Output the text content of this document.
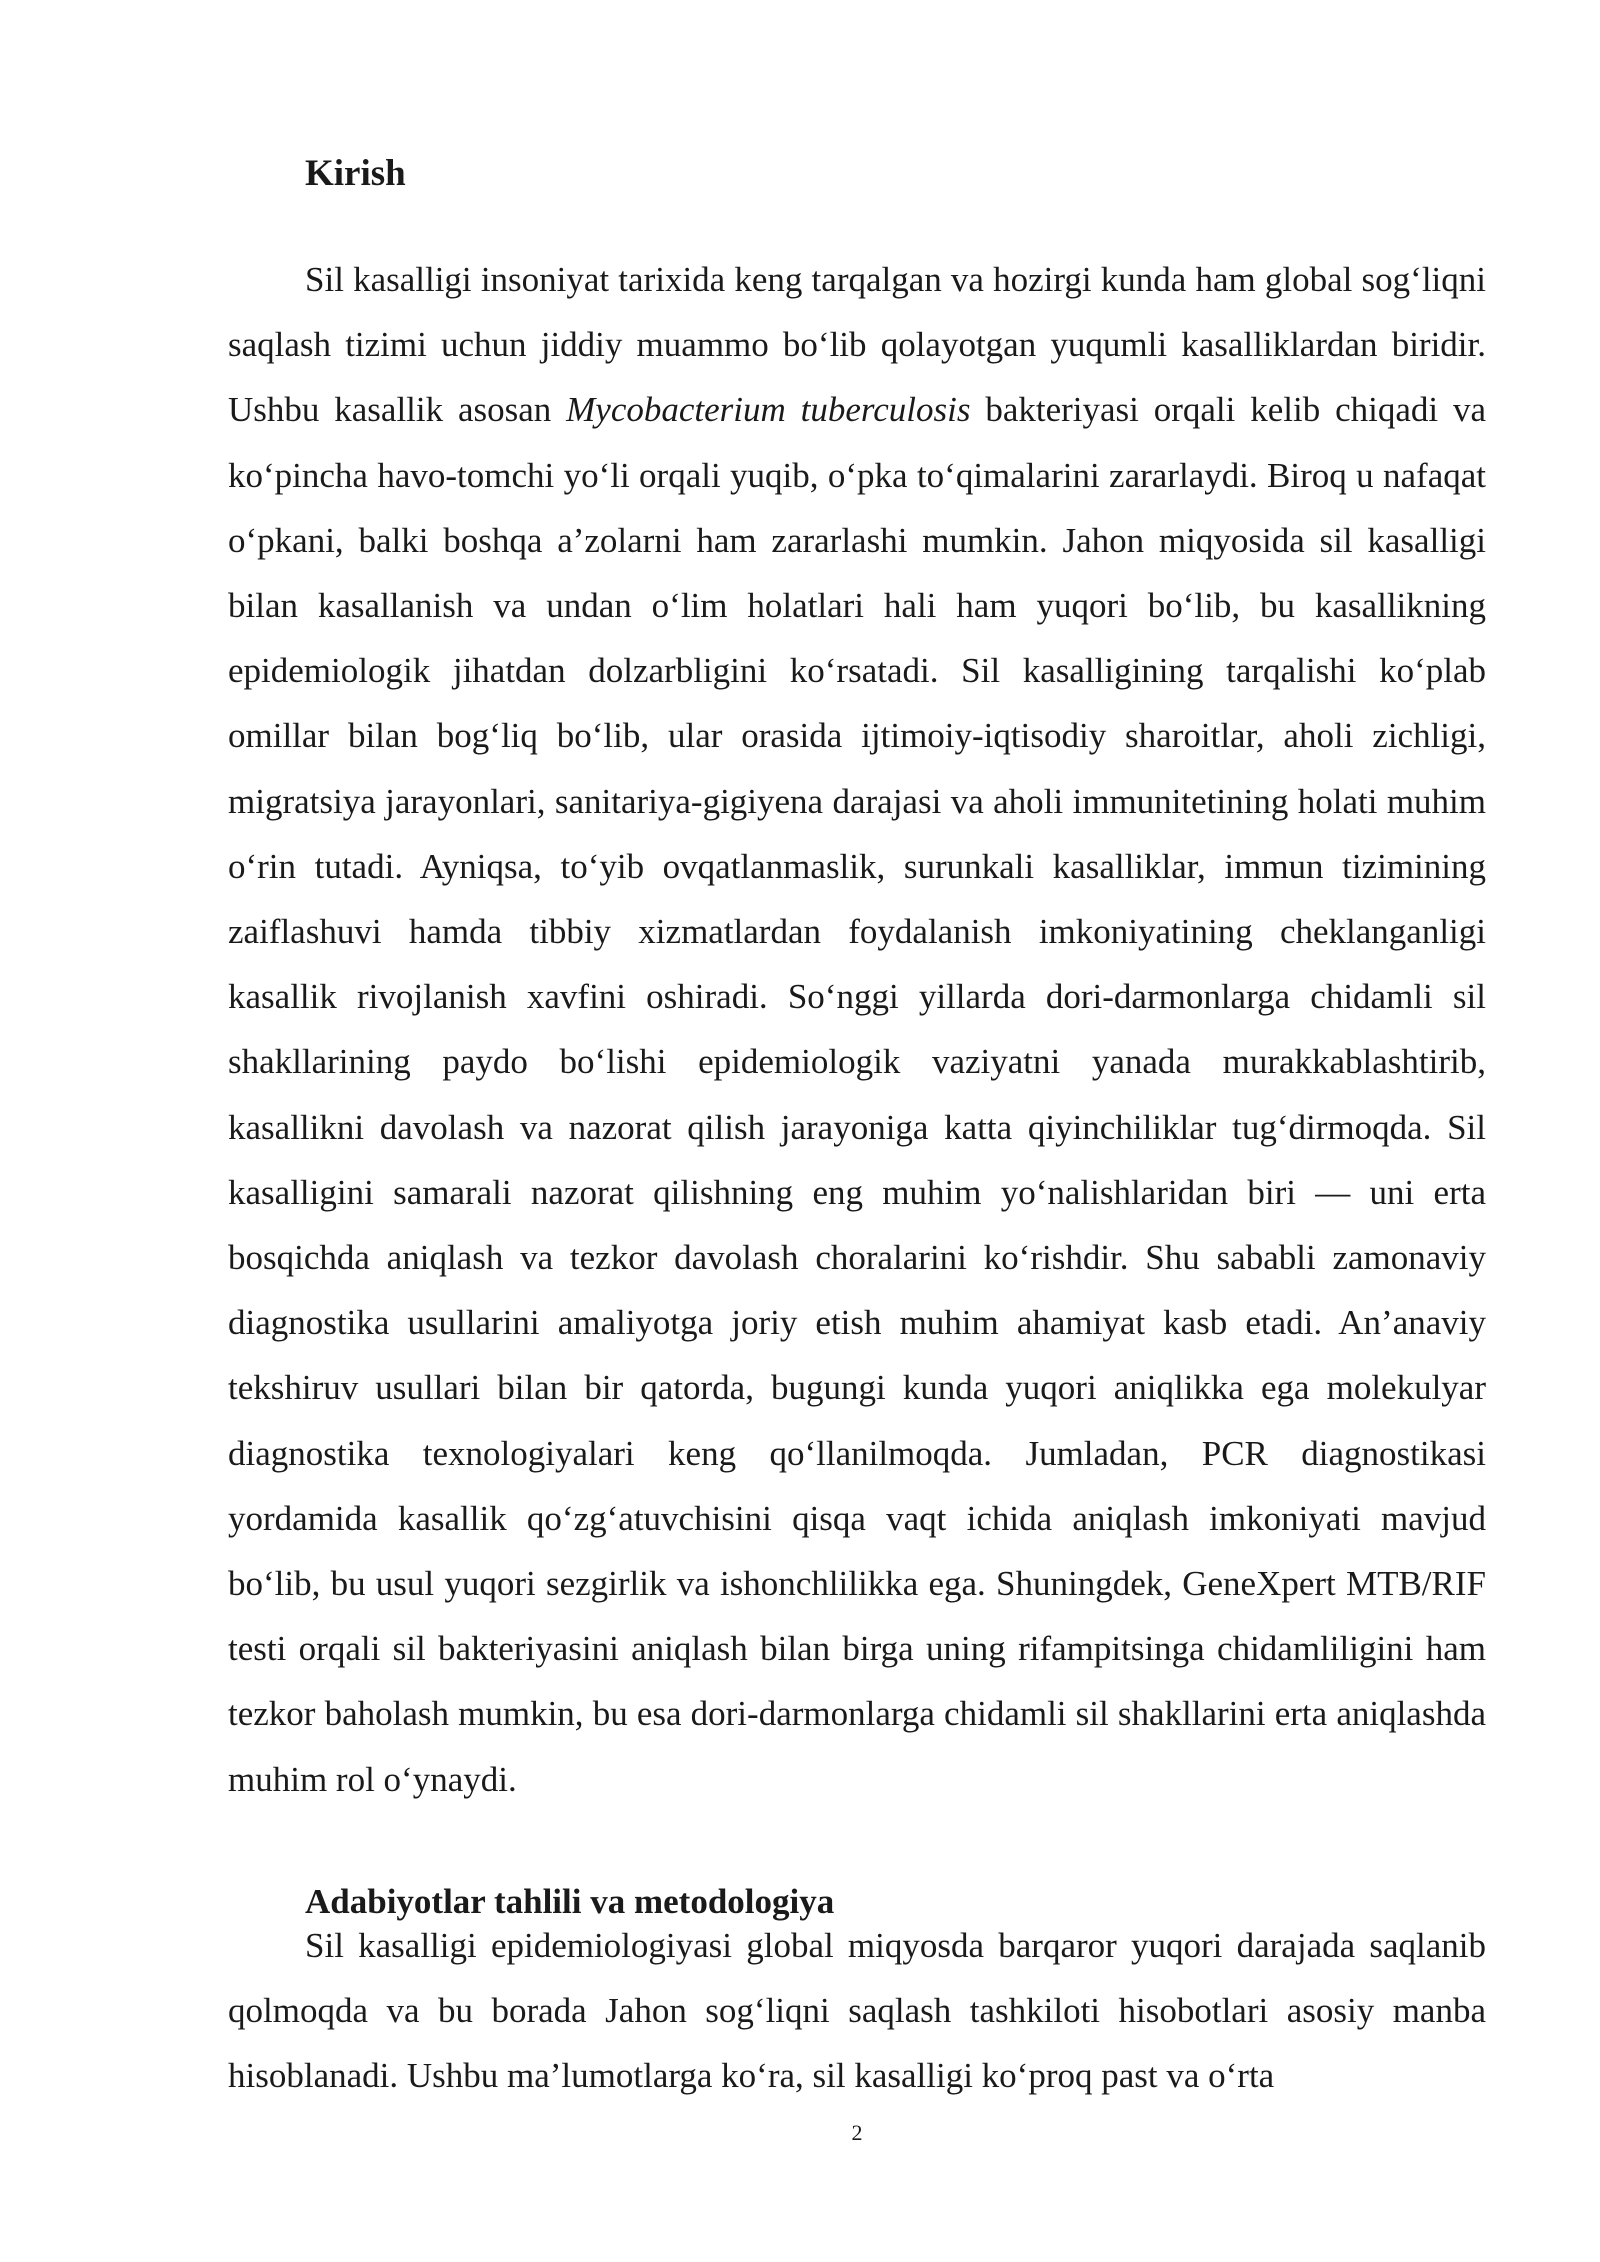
Kirish

Sil kasalligi insoniyat tarixida keng tarqalgan va hozirgi kunda ham global sog‘liqni saqlash tizimi uchun jiddiy muammo bo‘lib qolayotgan yuqumli kasalliklardan biridir. Ushbu kasallik asosan Mycobacterium tuberculosis bakteriyasi orqali kelib chiqadi va ko‘pincha havo-tomchi yo‘li orqali yuqib, o‘pka to‘qimalarini zararlaydi. Biroq u nafaqat o‘pkani, balki boshqa a’zolarni ham zararlashi mumkin. Jahon miqyosida sil kasalligi bilan kasallanish va undan o‘lim holatlari hali ham yuqori bo‘lib, bu kasallikning epidemiologik jihatdan dolzarbligini ko‘rsatadi. Sil kasalligining tarqalishi ko‘plab omillar bilan bog‘liq bo‘lib, ular orasida ijtimoiy-iqtisodiy sharoitlar, aholi zichligi, migratsiya jarayonlari, sanitariya-gigiyena darajasi va aholi immunitetining holati muhim o‘rin tutadi. Ayniqsa, to‘yib ovqatlanmaslik, surunkali kasalliklar, immun tizimining zaiflashuvi hamda tibbiy xizmatlardan foydalanish imkoniyatining cheklanganligi kasallik rivojlanish xavfini oshiradi. So‘nggi yillarda dori-darmonlarga chidamli sil shakllarining paydo bo‘lishi epidemiologik vaziyatni yanada murakkablashtirib, kasallikni davolash va nazorat qilish jarayoniga katta qiyinchiliklar tug‘dirmoqda. Sil kasalligini samarali nazorat qilishning eng muhim yo‘nalishlaridan biri — uni erta bosqichda aniqlash va tezkor davolash choralarini ko‘rishdir. Shu sababli zamonaviy diagnostika usullarini amaliyotga joriy etish muhim ahamiyat kasb etadi. An’anaviy tekshiruv usullari bilan bir qatorda, bugungi kunda yuqori aniqlikka ega molekulyar diagnostika texnologiyalari keng qo‘llanilmoqda. Jumladan, PCR diagnostikasi yordamida kasallik qo‘zg‘atuvchisini qisqa vaqt ichida aniqlash imkoniyati mavjud bo‘lib, bu usul yuqori sezgirlik va ishonchlilikka ega. Shuningdek, GeneXpert MTB/RIF testi orqali sil bakteriyasini aniqlash bilan birga uning rifampitsinga chidamliligini ham tezkor baholash mumkin, bu esa dori-darmonlarga chidamli sil shakllarini erta aniqlashda muhim rol o‘ynaydi.

Adabiyotlar tahlili va metodologiya

Sil kasalligi epidemiologiyasi global miqyosda barqaror yuqori darajada saqlanib qolmoqda va bu borada Jahon sog‘liqni saqlash tashkiloti hisobotlari asosiy manba hisoblanadi. Ushbu ma’lumotlarga ko‘ra, sil kasalligi ko‘proq past va o‘rta

2
